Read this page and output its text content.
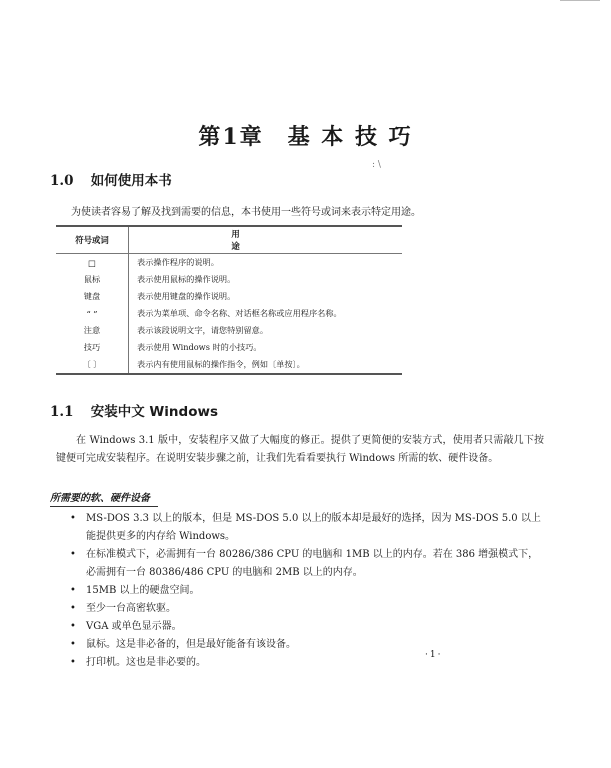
第1章　基 本 技 巧
1.0 如何使用本书
: \
为使读者容易了解及找到需要的信息，本书使用一些符号或词来表示特定用途。
符号或词	用途
□	表示操作程序的说明。
鼠标	表示使用鼠标的操作说明。
键盘	表示使用键盘的操作说明。
“ ”	表示为菜单项、命令名称、对话框名称或应用程序名称。
注意	表示该段说明文字，请您特别留意。
技巧	表示使用 Windows 时的小技巧。
〔 〕	表示内有使用鼠标的操作指令，例如〔单按〕。
1.1 安装中文 Windows
在 Windows 3.1 版中，安装程序又做了大幅度的修正。提供了更简便的安装方式，使用者只需敲几下按键便可完成安装程序。在说明安装步骤之前，让我们先看看要执行 Windows 所需的软、硬件设备。
所需要的软、硬件设备
• MS-DOS 3.3 以上的版本，但是 MS-DOS 5.0 以上的版本却是最好的选择，因为 MS-DOS 5.0 以上能提供更多的内存给 Windows。
• 在标准模式下，必需拥有一台 80286/386 CPU 的电脑和 1MB 以上的内存。若在 386 增强模式下，必需拥有一台 80386/486 CPU 的电脑和 2MB 以上的内存。
• 15MB 以上的硬盘空间。
• 至少一台高密软驱。
• VGA 或单色显示器。
• 鼠标。这是非必备的，但是最好能备有该设备。
• 打印机。这也是非必要的。
·1·
